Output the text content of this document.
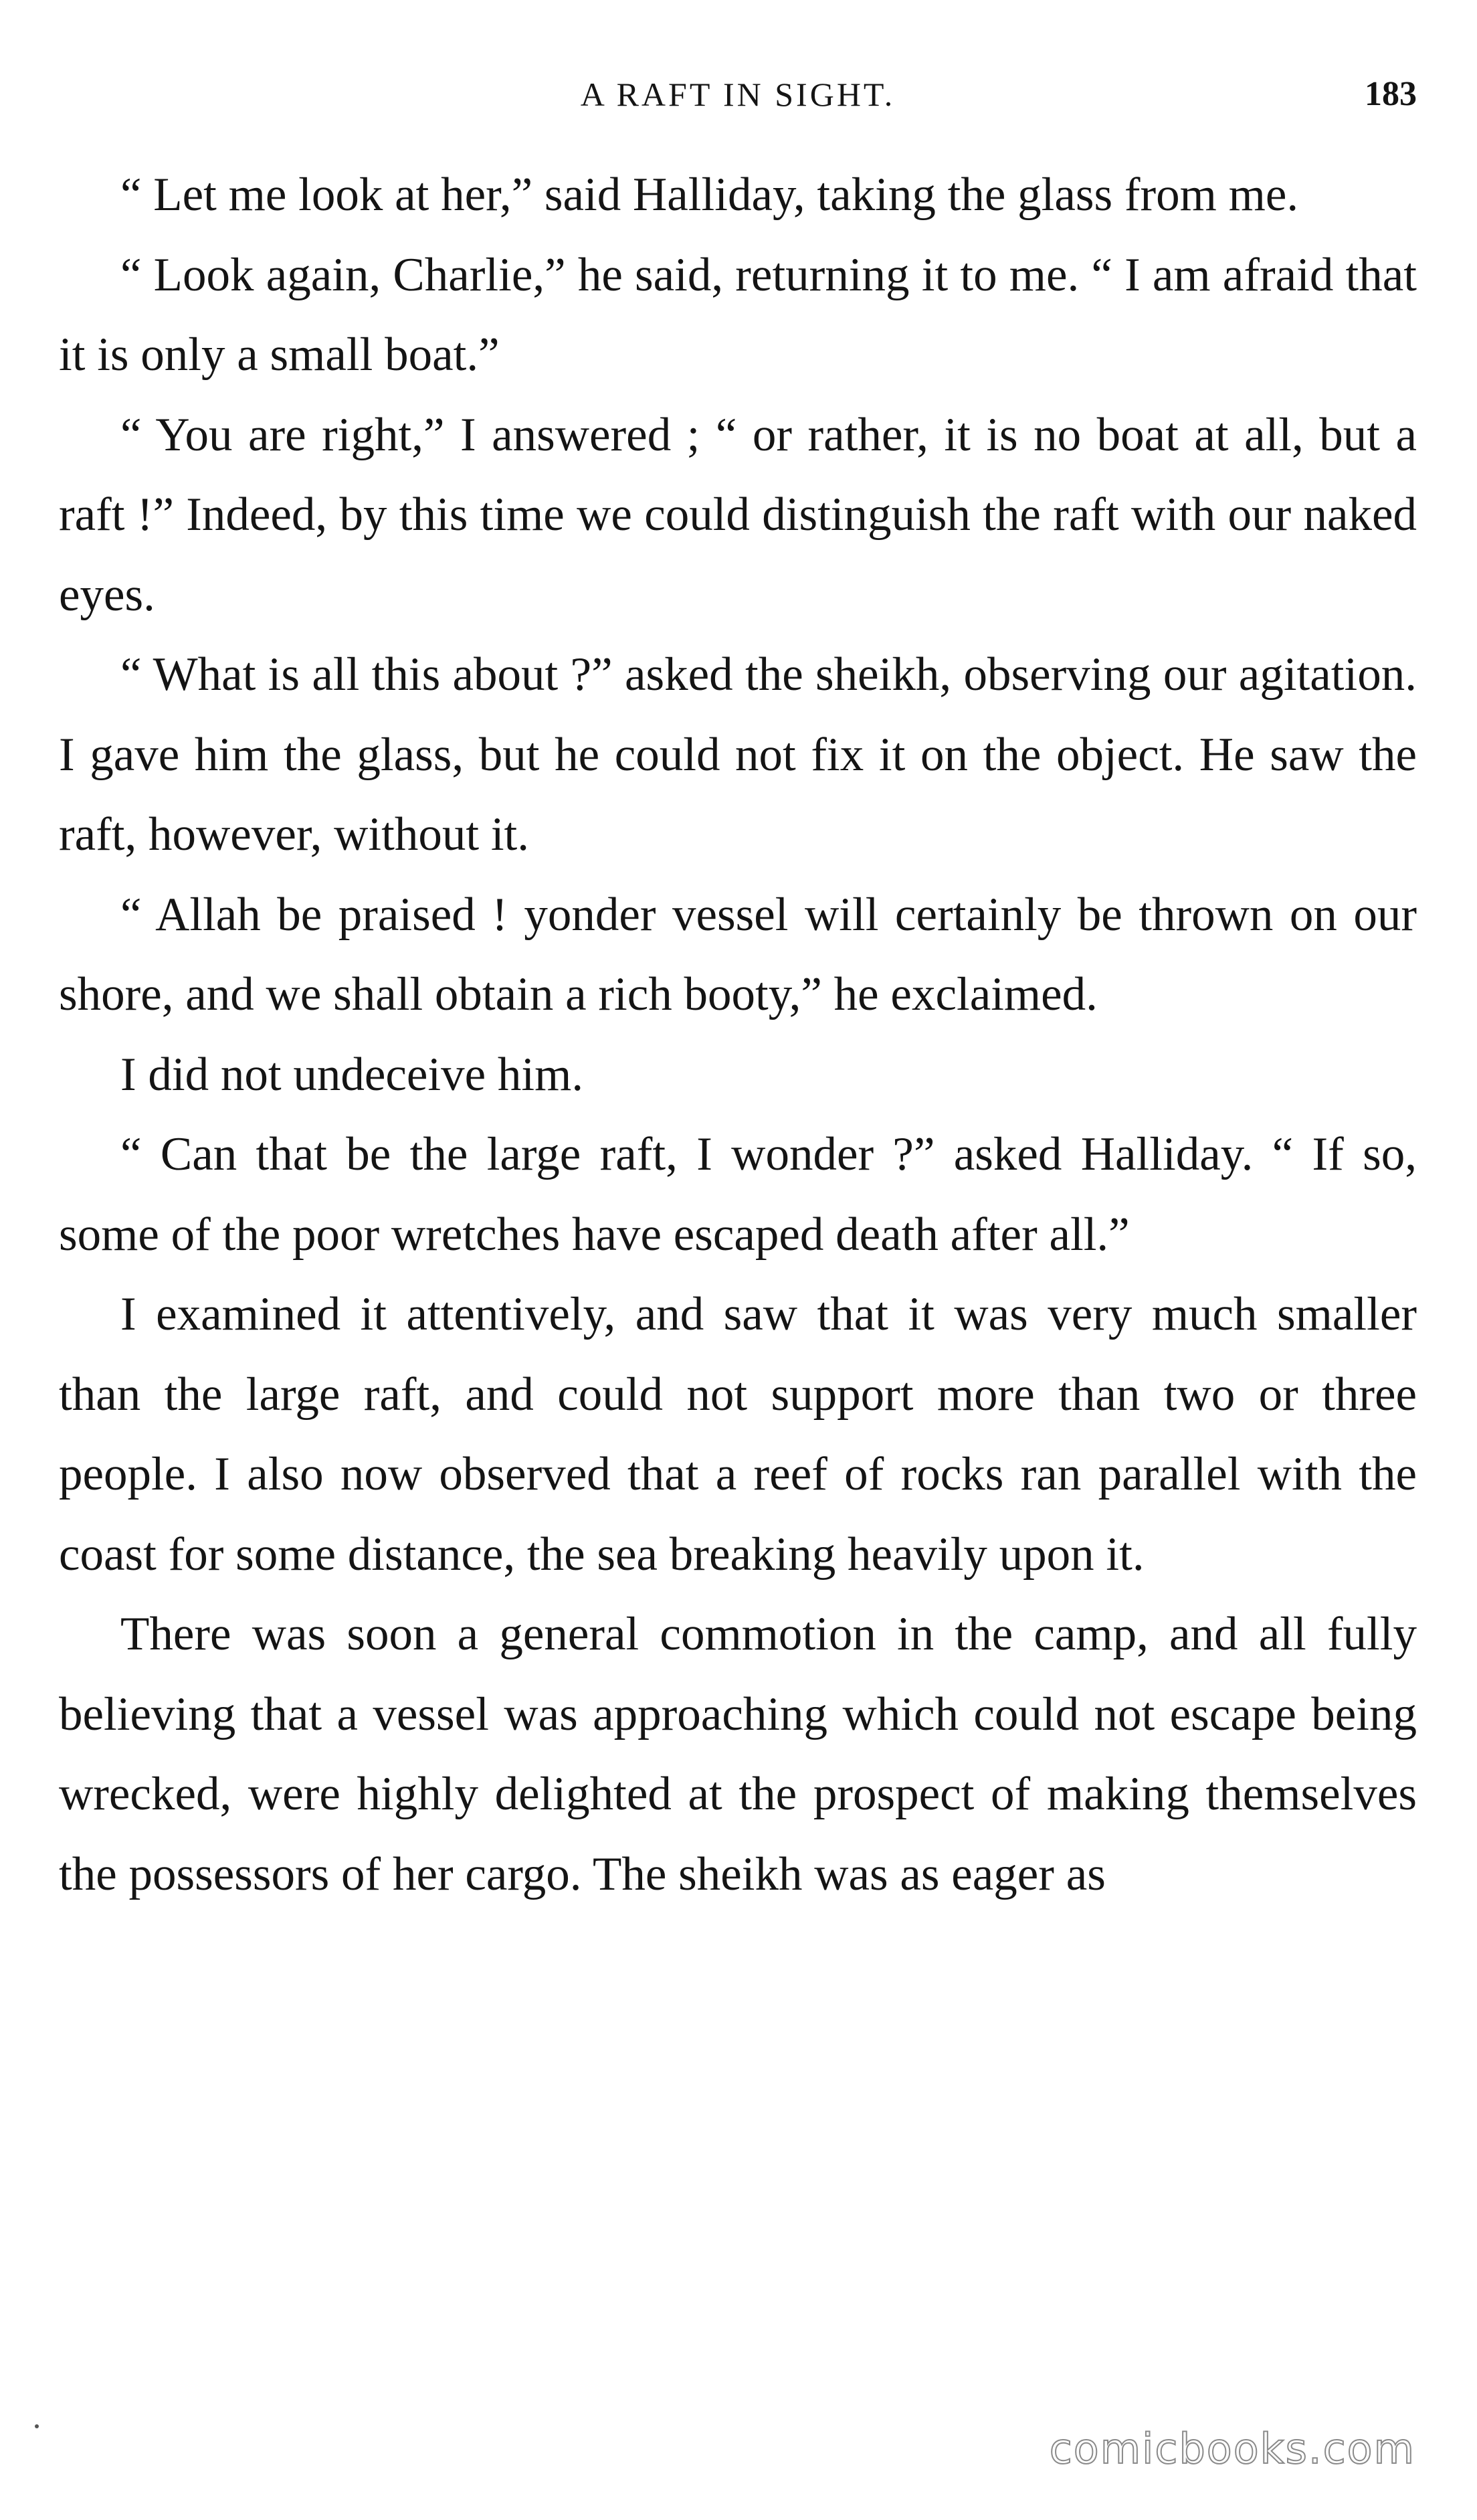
A RAFT IN SIGHT.	183

“ Let me look at her,” said Halliday, taking the glass from me.

“ Look again, Charlie,” he said, returning it to me. “ I am afraid that it is only a small boat.”

“ You are right,” I answered ; “ or rather, it is no boat at all, but a raft !” Indeed, by this time we could distinguish the raft with our naked eyes.

“ What is all this about ?” asked the sheikh, observing our agitation. I gave him the glass, but he could not fix it on the object. He saw the raft, however, without it.

“ Allah be praised ! yonder vessel will certainly be thrown on our shore, and we shall obtain a rich booty,” he exclaimed.

I did not undeceive him.

“ Can that be the large raft, I wonder ?” asked Halliday. “ If so, some of the poor wretches have escaped death after all.”

I examined it attentively, and saw that it was very much smaller than the large raft, and could not support more than two or three people. I also now observed that a reef of rocks ran parallel with the coast for some distance, the sea breaking heavily upon it.

There was soon a general commotion in the camp, and all fully believing that a vessel was approaching which could not escape being wrecked, were highly delighted at the prospect of making themselves the possessors of her cargo. The sheikh was as eager as

comicbooks.com
